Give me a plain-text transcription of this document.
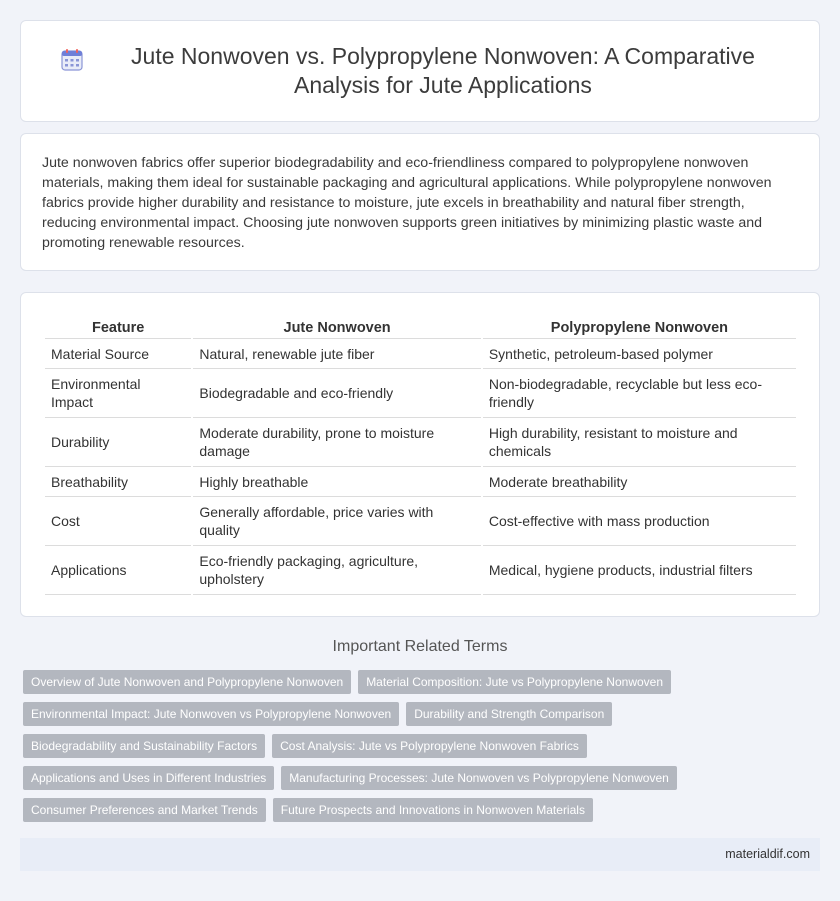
Jute Nonwoven vs. Polypropylene Nonwoven: A Comparative Analysis for Jute Applications

Jute nonwoven fabrics offer superior biodegradability and eco-friendliness compared to polypropylene nonwoven materials, making them ideal for sustainable packaging and agricultural applications. While polypropylene nonwoven fabrics provide higher durability and resistance to moisture, jute excels in breathability and natural fiber strength, reducing environmental impact. Choosing jute nonwoven supports green initiatives by minimizing plastic waste and promoting renewable resources.

Feature	Jute Nonwoven	Polypropylene Nonwoven
Material Source	Natural, renewable jute fiber	Synthetic, petroleum-based polymer
Environmental Impact	Biodegradable and eco-friendly	Non-biodegradable, recyclable but less eco-friendly
Durability	Moderate durability, prone to moisture damage	High durability, resistant to moisture and chemicals
Breathability	Highly breathable	Moderate breathability
Cost	Generally affordable, price varies with quality	Cost-effective with mass production
Applications	Eco-friendly packaging, agriculture, upholstery	Medical, hygiene products, industrial filters
Important Related Terms
Overview of Jute Nonwoven and Polypropylene Nonwoven	Material Composition: Jute vs Polypropylene Nonwoven
Environmental Impact: Jute Nonwoven vs Polypropylene Nonwoven	Durability and Strength Comparison
Biodegradability and Sustainability Factors	Cost Analysis: Jute vs Polypropylene Nonwoven Fabrics
Applications and Uses in Different Industries	Manufacturing Processes: Jute Nonwoven vs Polypropylene Nonwoven
Consumer Preferences and Market Trends	Future Prospects and Innovations in Nonwoven Materials
materialdif.com
